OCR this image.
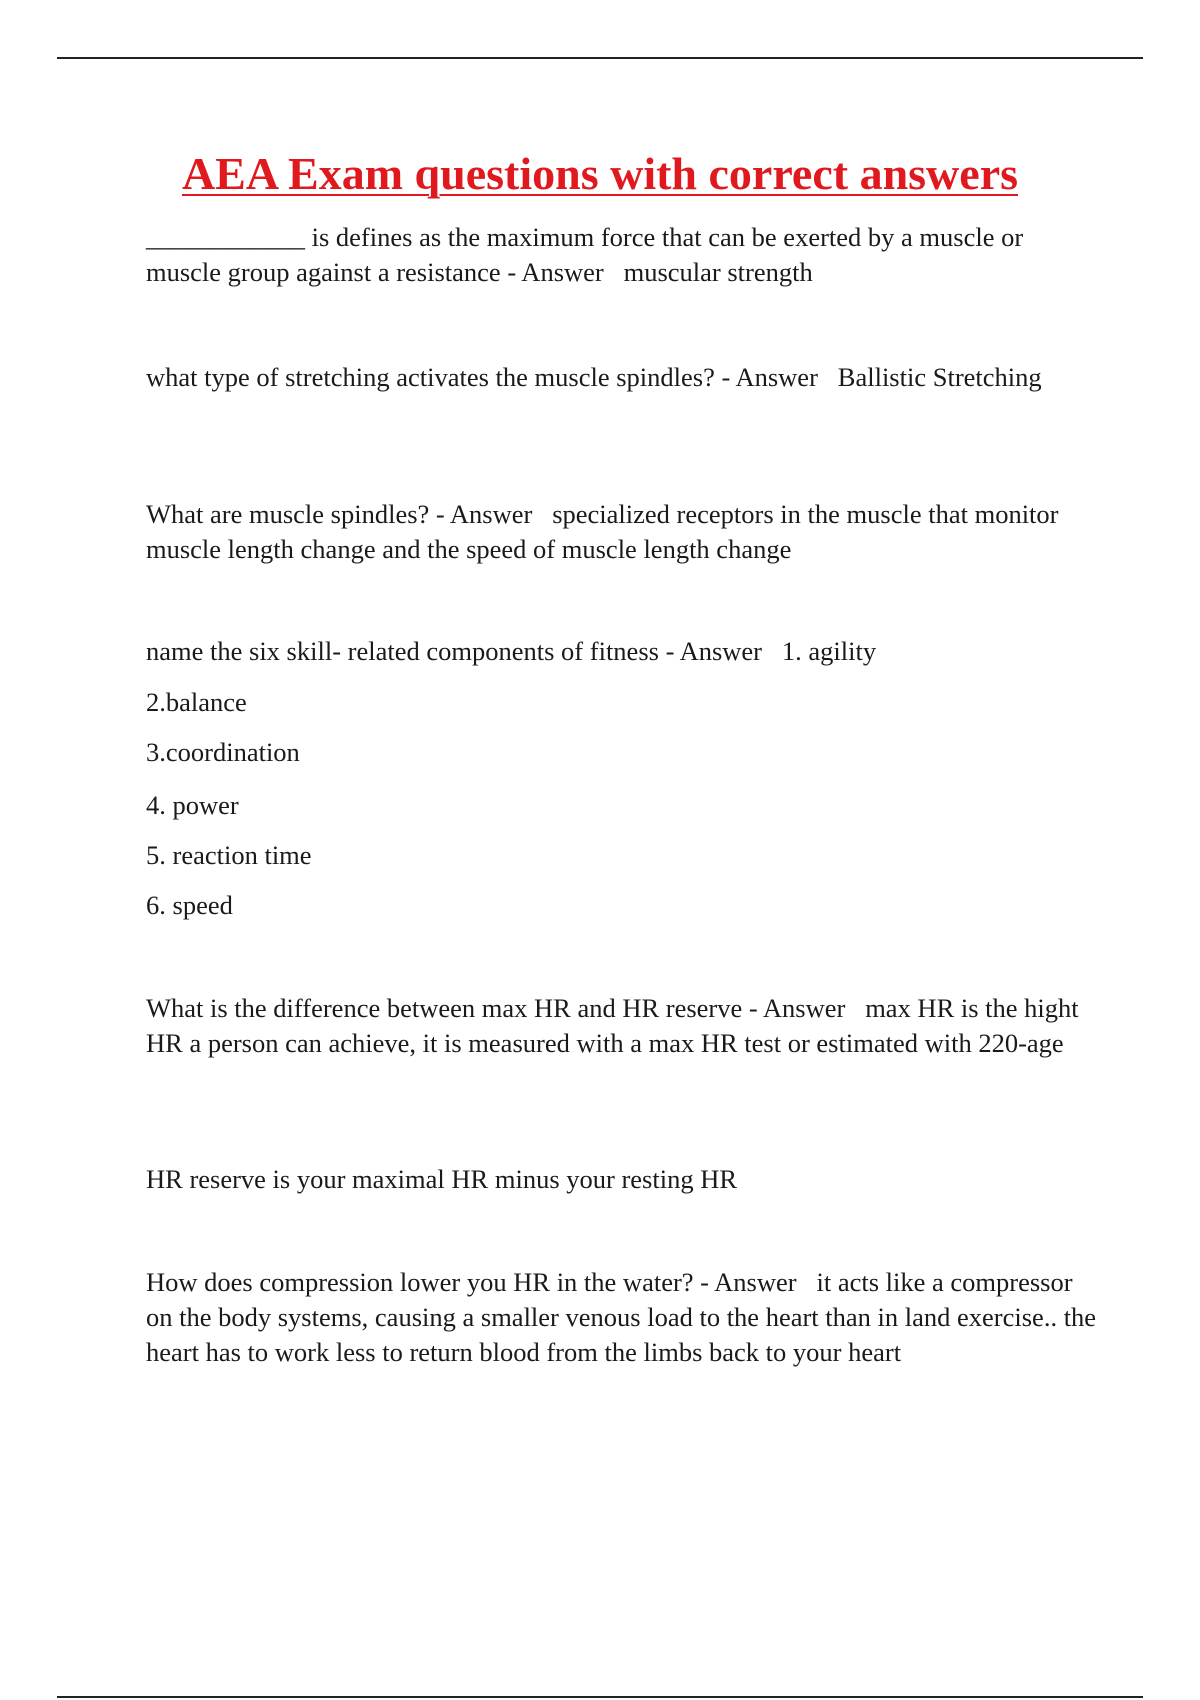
AEA Exam questions with correct answers

____________ is defines as the maximum force that can be exerted by a muscle or muscle group against a resistance - Answer   muscular strength

what type of stretching activates the muscle spindles? - Answer   Ballistic Stretching

What are muscle spindles? - Answer   specialized receptors in the muscle that monitor muscle length change and the speed of muscle length change

name the six skill- related components of fitness - Answer   1. agility

2.balance

3.coordination

4. power

5. reaction time

6. speed

What is the difference between max HR and HR reserve - Answer   max HR is the hight HR a person can achieve, it is measured with a max HR test or estimated with 220-age

HR reserve is your maximal HR minus your resting HR

How does compression lower you HR in the water? - Answer   it acts like a compressor on the body systems, causing a smaller venous load to the heart than in land exercise.. the heart has to work less to return blood from the limbs back to your heart
